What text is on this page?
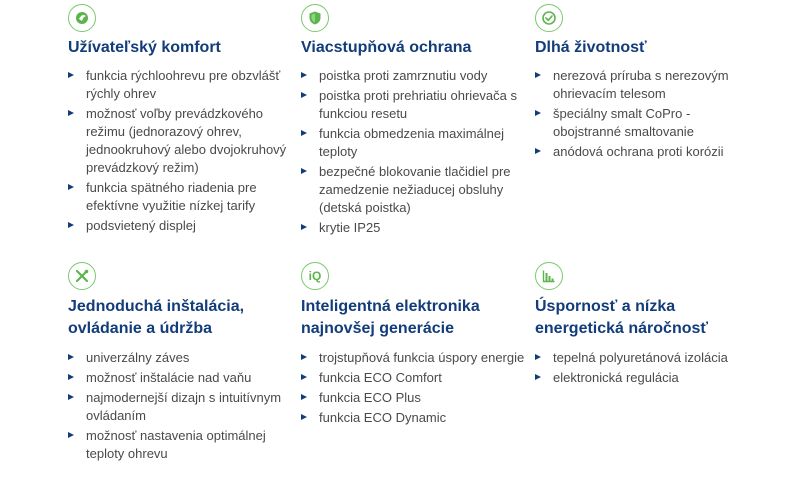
Užívateľský komfort
funkcia rýchloohrevu pre obzvlášť rýchly ohrev
možnosť voľby prevádzkového režimu (jednorazový ohrev, jednookruhový alebo dvojokruhový prevádzkový režim)
funkcia spätného riadenia pre efektívne využitie nízkej tarify
podsvietený displej
Viacstupňová ochrana
poistka proti zamrznutiu vody
poistka proti prehriatiu ohrievača s funkciou resetu
funkcia obmedzenia maximálnej teploty
bezpečné blokovanie tlačidiel pre zamedzenie nežiaducej obsluhy (detská poistka)
krytie IP25
Dlhá životnosť
nerezová príruba s nerezovým ohrievacím telesom
špeciálny smalt CoPro - obojstranné smaltovanie
anódová ochrana proti korózii
Jednoduchá inštalácia, ovládanie a údržba
univerzálny záves
možnosť inštalácie nad vaňu
najmodernejší dizajn s intuitívnym ovládaním
možnosť nastavenia optimálnej teploty ohrevu
iQ
Inteligentná elektronika najnovšej generácie
trojstupňová funkcia úspory energie
funkcia ECO Comfort
funkcia ECO Plus
funkcia ECO Dynamic
Úspornosť a nízka energetická náročnosť
tepelná polyuretánová izolácia
elektronická regulácia
